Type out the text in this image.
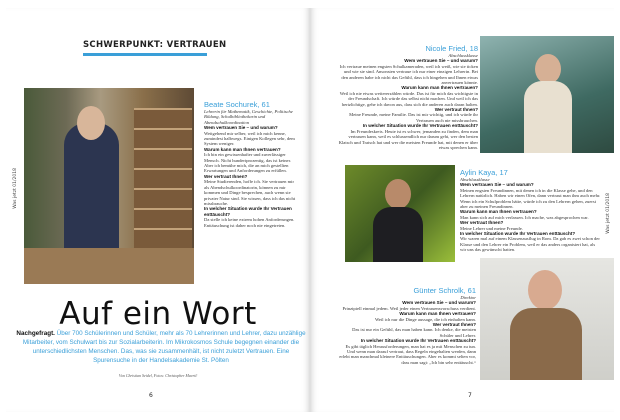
Was jetzt 01/2018
SCHWERPUNKT: VERTRAUEN
Beate Sochurek, 61
Lehrerin für Mathematik, Geschichte, Politische Bildung, Schulbibliothekarin und Abendschulkoordination
Wem vertrauen Sie – und warum?
Weitgehend mir selber, weil ich mich kenne, zumindest halbwegs. Einigen Kollegen sehr, dem System weniger.
Warum kann man Ihnen vertrauen?
Ich bin ein gewissenhafter und zuverlässiger Mensch. Nicht hundertprozentig, das ist keiner. Aber ich bemühe mich, die an mich gestellten Erwartungen und Anforderungen zu erfüllen.
Wer vertraut Ihnen?
Meine Studierenden, hoffe ich. Sie vertrauen mir als Abendschulkoordinatorin, können zu mir kommen und Dinge besprechen, auch wenn sie privater Natur sind. Sie wissen, dass ich das nicht missbrauche.
In welcher Situation wurde Ihr Vertrauen enttäuscht?
Da stelle ich keine extrem hohen Anforderungen. Enttäuschung ist daher noch nie eingetreten.
Auf ein Wort
Nachgefragt. Über 700 Schülerinnen und Schüler, mehr als 70 Lehrerinnen und Lehrer, dazu unzählige Mitarbeiter, vom Schulwart bis zur Sozialarbeiterin. Im Mikrokosmos Schule begegnen einander die unterschiedlichsten Menschen. Das, was sie zusammenhält, ist nicht zuletzt Vertrauen. Eine Spurensuche in der Handelsakademie St. Pölten
Von Christian Seidel, Fotos: Christopher Mavrič
6
Nicole Fried, 18
Abschlussklasse
Wem vertrauen Sie – und warum?
Ich vertraue meinen engsten Schulkameraden, weil ich weiß, wie sie ticken und wie sie sind. Ansonsten vertraue ich nur einer einzigen Lehrerin. Bei den anderen habe ich nicht das Gefühl, dass ich hingehen und Ihnen etwas anvertrauen könnte.
Warum kann man Ihnen vertrauen?
Weil ich nie etwas weitererzählen würde. Das ist für mich das wichtigste in der Freundschaft. Ich würde das selbst nicht machen. Und weil ich das hertzlichtige, gehe ich davon aus, dass sich die anderen auch daran halten.
Wer vertraut Ihnen?
Meine Freunde, meine Familie. Das ist mir wichtig, und ich würde ihr Vertrauen auch nie missbrauchen.
In welcher Situation wurde Ihr Vertrauen enttäuscht?
Im Freundeskreis. Heute ist es schwer, jemanden zu finden, dem man vertrauen kann, weil es schlussendlich nur darum geht, wer den besten Klatsch und Tratsch hat und wer die meisten Freunde hat, mit denen er über etwas sprechen kann.
Aylin Kaya, 17
Abschlussklasse
Wem vertrauen Sie – und warum?
Meinen engsten Freundinnen, mit denen ich in die Klasse gehe, und den Lehrern natürlich. Haben wir einen Ofen, dann vertraut man ihm auch mehr. Wenn ich ein Schulproblem hätte, würde ich zu den Lehrern gehen, zuerst aber zu meinen Freundinnen.
Warum kann man Ihnen vertrauen?
Man kann sich auf mich verlassen. Ich mache, was abgesprochen war.
Wer vertraut Ihnen?
Meine Lehrer und meine Freunde.
In welcher Situation wurde Ihr Vertrauen enttäuscht?
Wir waren mal auf einem Klassenausflug in Rom. Da gab es zwei schon der Klasse und den Lehrer ein Problem, weil er das anders organisiert hat, als wir uns das gewünscht hatten.
Was jetzt 01/2018
Günter Schrolk, 61
Direktor
Wem vertrauen Sie – und warum?
Prinzipiell einmal jedem. Weil jeder einen Vertrauensvorschuss verdient.
Warum kann man Ihnen vertrauen?
Weil ich nur die Dinge aussage, die ich einhalten kann.
Wer vertraut Ihnen?
Das ist nur ein Gefühl, das man haben kann. Ich denke, die meisten Schüler und Lehrer.
In welcher Situation wurde Ihr Vertrauen enttäuscht?
Es gibt täglich Herausforderungen, man hat es ja mit Menschen zu tun. Und wenn man darauf vertraut, dass Regeln eingehalten werden, dann erlebt man manchmal kleinere Enttäuschungen. Aber es kommt selten vor, dass man sagt: „Ich bin sehr enttäuscht.“
7
